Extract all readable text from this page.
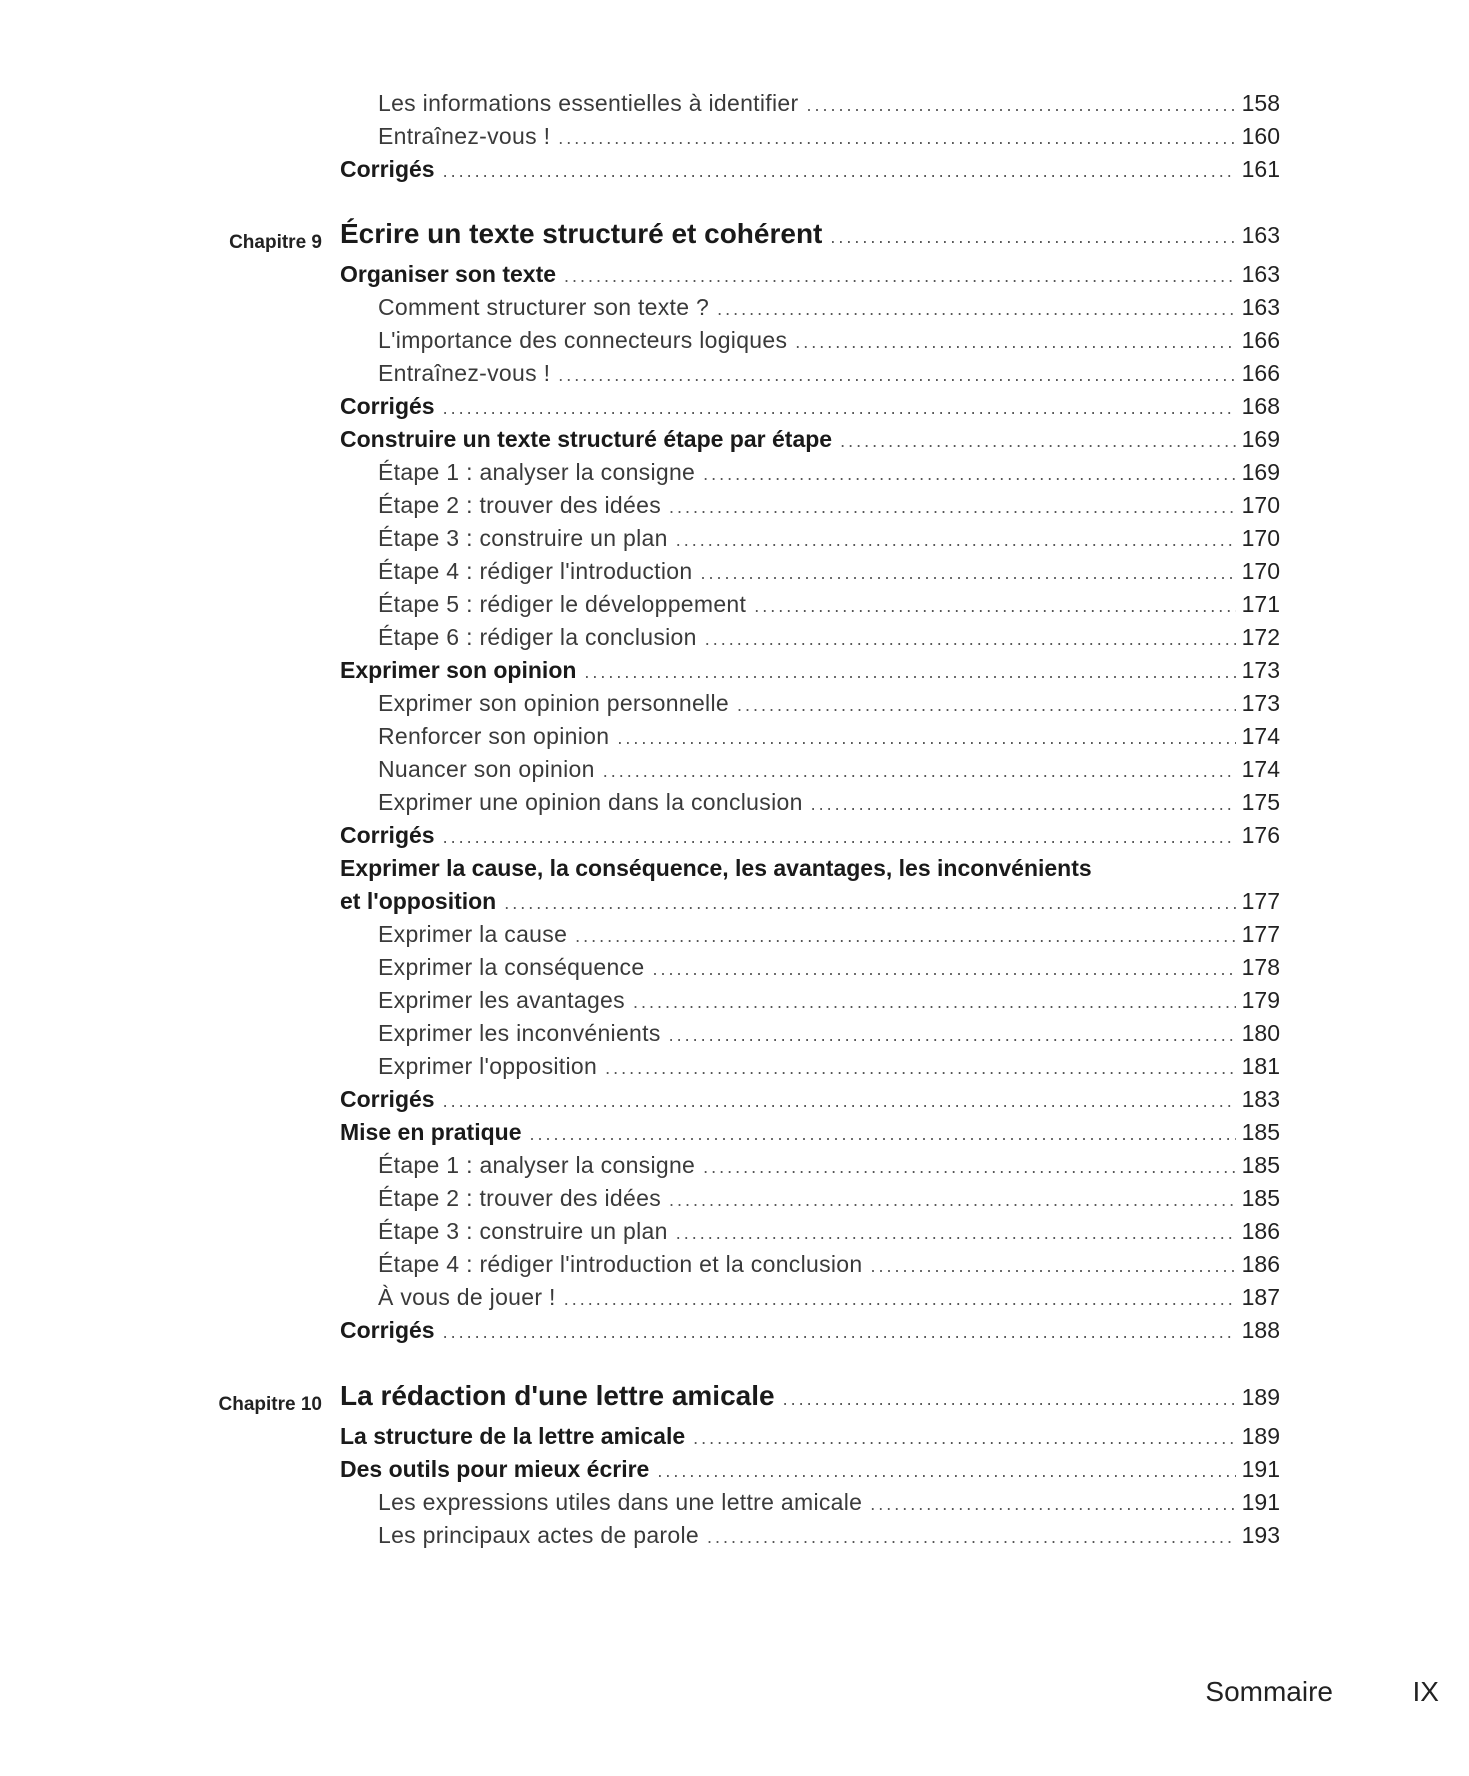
Les informations essentielles à identifier .....	158
Entraînez-vous ! .....	160
Corrigés .....	161
Écrire un texte structuré et cohérent .....	163
Chapitre 9
Organiser son texte .....	163
Comment structurer son texte ? .....	163
L'importance des connecteurs logiques .....	166
Entraînez-vous ! .....	166
Corrigés .....	168
Construire un texte structuré étape par étape .....	169
Étape 1 : analyser la consigne .....	169
Étape 2 : trouver des idées .....	170
Étape 3 : construire un plan .....	170
Étape 4 : rédiger l'introduction .....	170
Étape 5 : rédiger le développement .....	171
Étape 6 : rédiger la conclusion .....	172
Exprimer son opinion .....	173
Exprimer son opinion personnelle .....	173
Renforcer son opinion .....	174
Nuancer son opinion .....	174
Exprimer une opinion dans la conclusion .....	175
Corrigés .....	176
Exprimer la cause, la conséquence, les avantages, les inconvénients
et l'opposition .....	177
Exprimer la cause .....	177
Exprimer la conséquence .....	178
Exprimer les avantages .....	179
Exprimer les inconvénients .....	180
Exprimer l'opposition .....	181
Corrigés .....	183
Mise en pratique .....	185
Étape 1 : analyser la consigne .....	185
Étape 2 : trouver des idées .....	185
Étape 3 : construire un plan .....	186
Étape 4 : rédiger l'introduction et la conclusion .....	186
À vous de jouer ! .....	187
Corrigés .....	188
La rédaction d'une lettre amicale .....	189
Chapitre 10
La structure de la lettre amicale .....	189
Des outils pour mieux écrire .....	191
Les expressions utiles dans une lettre amicale .....	191
Les principaux actes de parole .....	193
Sommaire	IX
